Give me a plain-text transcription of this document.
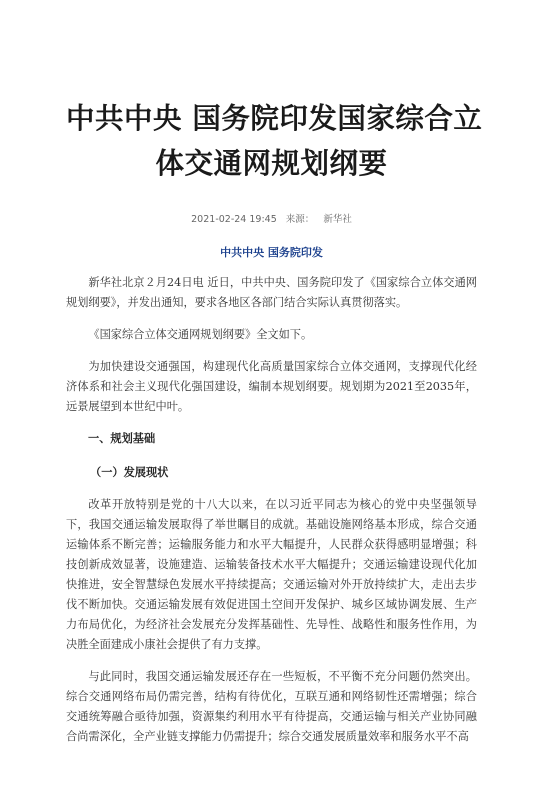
中共中央 国务院印发国家综合立
体交通网规划纲要
2021-02-24 19:45 来源： 新华社
中共中央 国务院印发

新华社北京２月24日电 近日，中共中央、国务院印发了《国家综合立体交通网规划纲要》，并发出通知，要求各地区各部门结合实际认真贯彻落实。

《国家综合立体交通网规划纲要》全文如下。

为加快建设交通强国，构建现代化高质量国家综合立体交通网，支撑现代化经济体系和社会主义现代化强国建设，编制本规划纲要。规划期为2021至2035年，远景展望到本世纪中叶。

一、规划基础
（一）发展现状

改革开放特别是党的十八大以来，在以习近平同志为核心的党中央坚强领导下，我国交通运输发展取得了举世瞩目的成就。基础设施网络基本形成，综合交通运输体系不断完善；运输服务能力和水平大幅提升，人民群众获得感明显增强；科技创新成效显著，设施建造、运输装备技术水平大幅提升；交通运输建设现代化加快推进，安全智慧绿色发展水平持续提高；交通运输对外开放持续扩大，走出去步伐不断加快。交通运输发展有效促进国土空间开发保护、城乡区域协调发展、生产力布局优化，为经济社会发展充分发挥基础性、先导性、战略性和服务性作用，为决胜全面建成小康社会提供了有力支撑。

与此同时，我国交通运输发展还存在一些短板，不平衡不充分问题仍然突出。综合交通网络布局仍需完善，结构有待优化，互联互通和网络韧性还需增强；综合交通统筹融合亟待加强，资源集约利用水平有待提高，交通运输与相关产业协同融合尚需深化，全产业链支撑能力仍需提升；综合交通发展质量效率和服务水平不高
